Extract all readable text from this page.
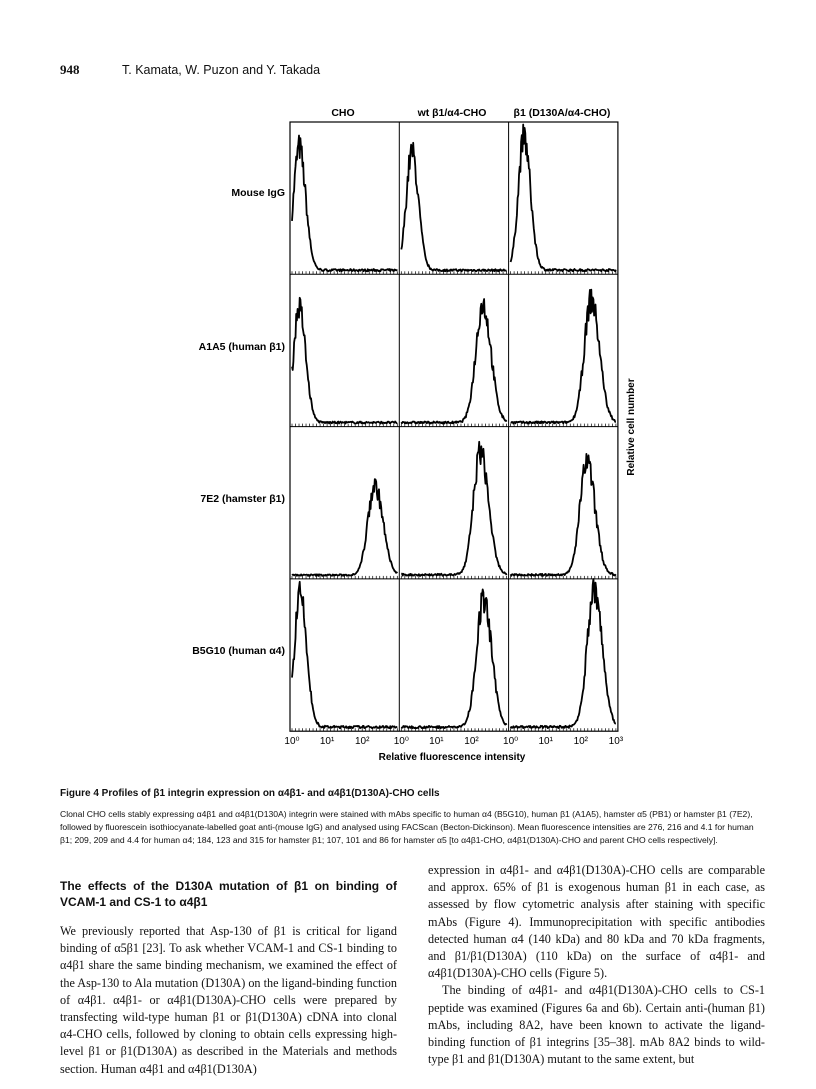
948	T. Kamata, W. Puzon and Y. Takada
CHO	wt β1/α4-CHO	β1 (D130A/α4-CHO)
Mouse IgG
A1A5 (human β1)
7E2 (hamster β1)
B5G10 (human α4)
10⁰ 10¹ 10² 10⁰ 10¹ 10² 10⁰ 10¹ 10² 10³
Relative fluorescence intensity
Relative cell number
Figure 4 Profiles of β1 integrin expression on α4β1- and α4β1(D130A)-CHO cells
Clonal CHO cells stably expressing α4β1 and α4β1(D130A) integrin were stained with mAbs specific to human α4 (B5G10), human β1 (A1A5), hamster α5 (PB1) or hamster β1 (7E2), followed by fluorescein isothiocyanate-labelled goat anti-(mouse IgG) and analysed using FACScan (Becton-Dickinson). Mean fluorescence intensities are 276, 216 and 4.1 for human β1; 209, 209 and 4.4 for human α4; 184, 123 and 315 for hamster β1; 107, 101 and 86 for hamster α5 [to α4β1-CHO, α4β1(D130A)-CHO and parent CHO cells respectively].
The effects of the D130A mutation of β1 on binding of VCAM-1 and CS-1 to α4β1

We previously reported that Asp-130 of β1 is critical for ligand binding of α5β1 [23]. To ask whether VCAM-1 and CS-1 binding to α4β1 share the same binding mechanism, we examined the effect of the Asp-130 to Ala mutation (D130A) on the ligand-binding function of α4β1. α4β1- or α4β1(D130A)-CHO cells were prepared by transfecting wild-type human β1 or β1(D130A) cDNA into clonal α4-CHO cells, followed by cloning to obtain cells expressing high-level β1 or β1(D130A) as described in the Materials and methods section. Human α4β1 and α4β1(D130A)

expression in α4β1- and α4β1(D130A)-CHO cells are comparable and approx. 65% of β1 is exogenous human β1 in each case, as assessed by flow cytometric analysis after staining with specific mAbs (Figure 4). Immunoprecipitation with specific antibodies detected human α4 (140 kDa) and 80 kDa and 70 kDa fragments, and β1/β1(D130A) (110 kDa) on the surface of α4β1- and α4β1(D130A)-CHO cells (Figure 5).

The binding of α4β1- and α4β1(D130A)-CHO cells to CS-1 peptide was examined (Figures 6a and 6b). Certain anti-(human β1) mAbs, including 8A2, have been known to activate the ligand-binding function of β1 integrins [35–38]. mAb 8A2 binds to wild-type β1 and β1(D130A) mutant to the same extent, but
